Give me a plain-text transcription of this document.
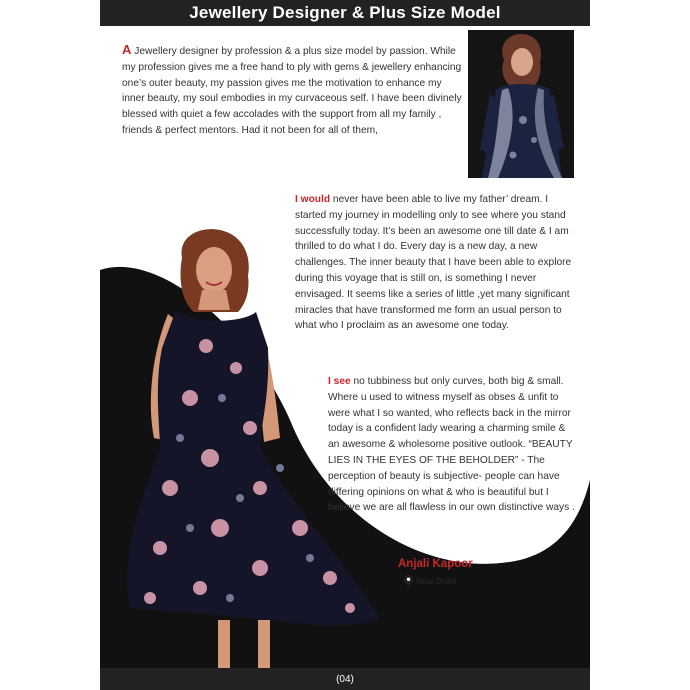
Jewellery Designer & Plus Size Model

A Jewellery designer by profession & a plus size model by passion. While my profession gives me a free hand to ply with gems & jewellery enhancing one’s outer beauty, my passion gives me the motivation to enhance my inner beauty, my soul embodies in my curvaceous self. I have been divinely blessed with quiet a few accolades with the support from all my family , friends & perfect mentors. Had it not been for all of them,

I would never have been able to live my father’ dream. I started my journey in modelling only to see where you stand successfully today. It’s been an awesome one till date & I am thrilled to do what I do. Every day is a new day, a new challenges. The inner beauty that I have been able to explore during this voyage that is still on, is something I never envisaged. It seems like a series of little ,yet many significant miracles that have transformed me form an usual person to what who I proclaim as an awesome one today.

I see no tubbiness but only curves, both big & small. Where u used to witness myself as obses & unfit to were what I so wanted, who reflects back in the mirror today is a confident lady wearing a charming smile & an awesome & wholesome positive outlook. “BEAUTY LIES IN THE EYES OF THE BEHOLDER” - The perception of beauty is subjective- people can have differing opinions on what & who is beautiful but I believe we are all flawless in our own distinctive ways .

Anjali Kapoor
New Delhi
(04)
